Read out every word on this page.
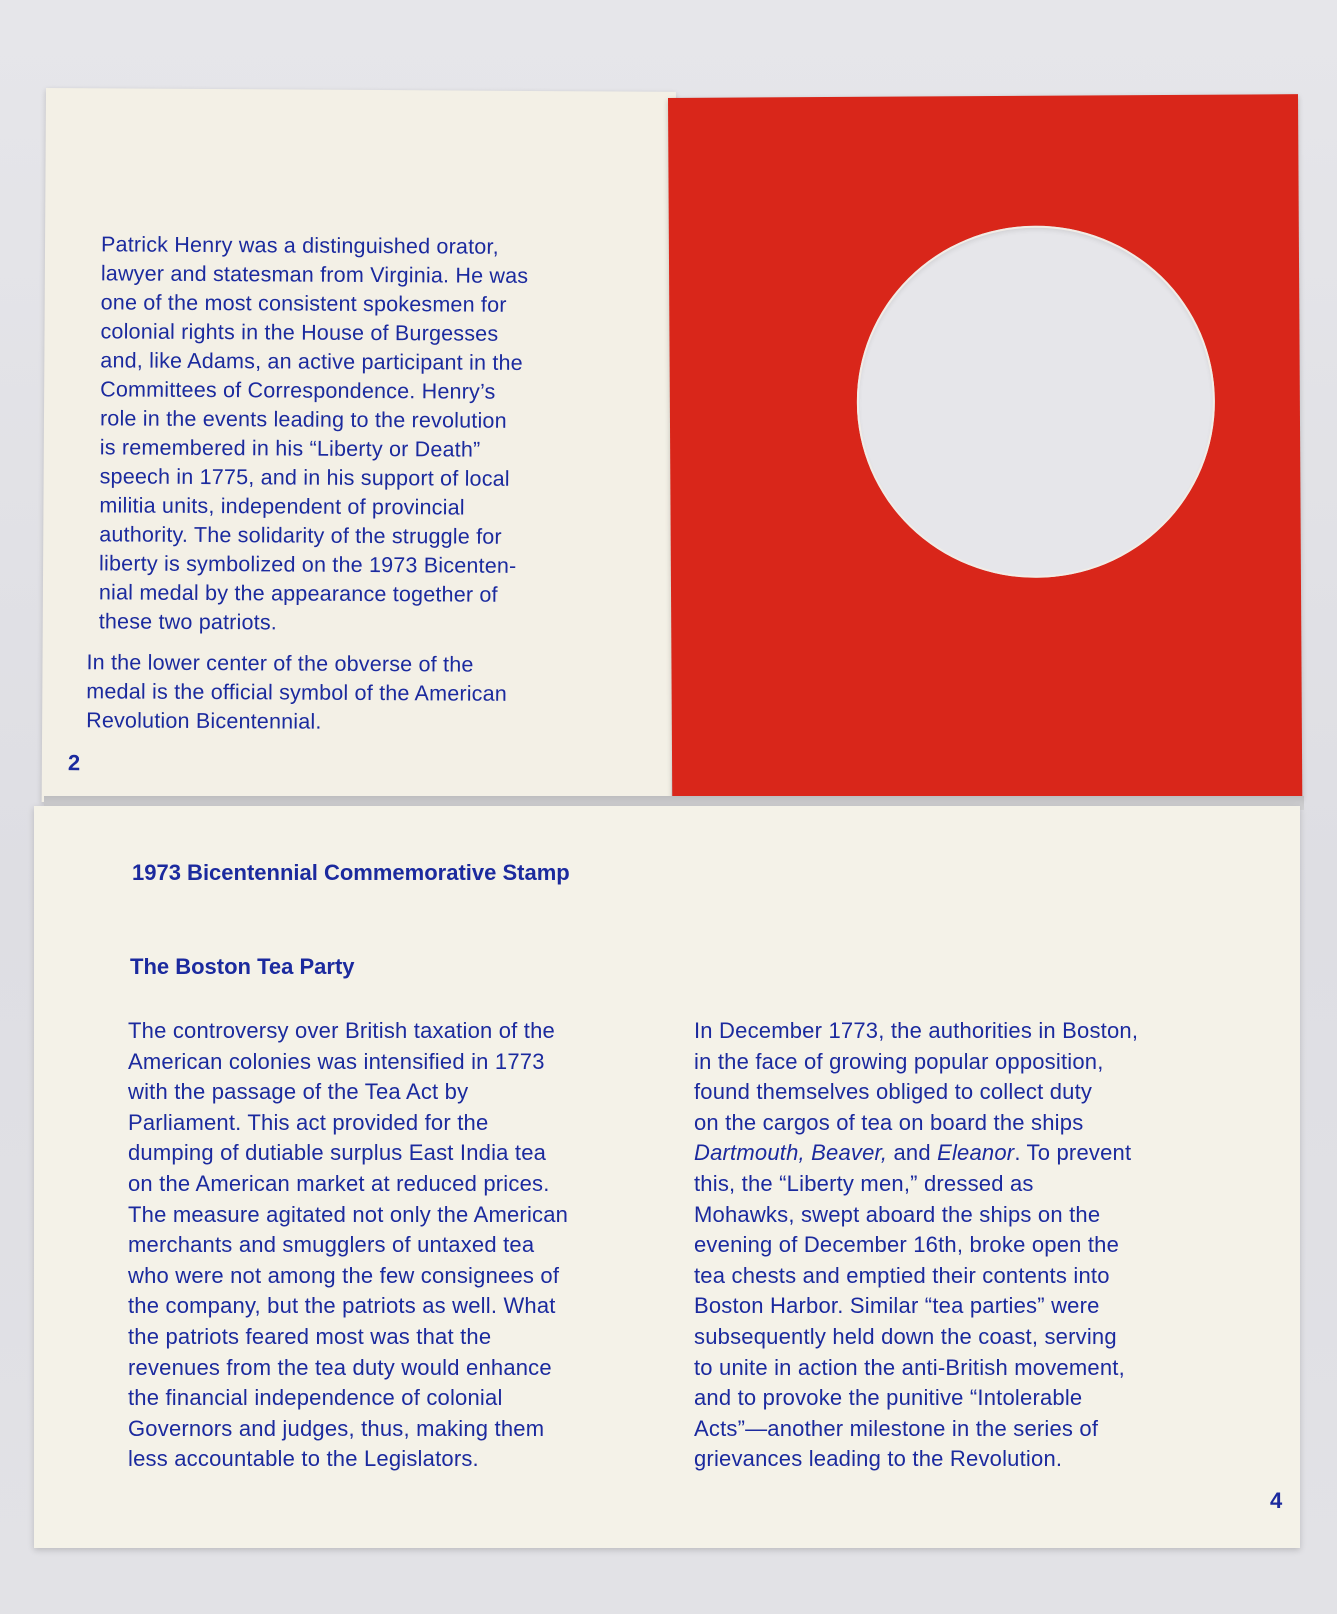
Patrick Henry was a distinguished orator,
lawyer and statesman from Virginia. He was
one of the most consistent spokesmen for
colonial rights in the House of Burgesses
and, like Adams, an active participant in the
Committees of Correspondence. Henry’s
role in the events leading to the revolution
is remembered in his “Liberty or Death”
speech in 1775, and in his support of local
militia units, independent of provincial
authority. The solidarity of the struggle for
liberty is symbolized on the 1973 Bicenten-
nial medal by the appearance together of
these two patriots.
In the lower center of the obverse of the
medal is the official symbol of the American
Revolution Bicentennial.
2
1973 Bicentennial Commemorative Stamp
The Boston Tea Party
The controversy over British taxation of the
American colonies was intensified in 1773
with the passage of the Tea Act by
Parliament. This act provided for the
dumping of dutiable surplus East India tea
on the American market at reduced prices.
The measure agitated not only the American
merchants and smugglers of untaxed tea
who were not among the few consignees of
the company, but the patriots as well. What
the patriots feared most was that the
revenues from the tea duty would enhance
the financial independence of colonial
Governors and judges, thus, making them
less accountable to the Legislators.
In December 1773, the authorities in Boston,
in the face of growing popular opposition,
found themselves obliged to collect duty
on the cargos of tea on board the ships
Dartmouth, Beaver, and Eleanor. To prevent
this, the “Liberty men,” dressed as
Mohawks, swept aboard the ships on the
evening of December 16th, broke open the
tea chests and emptied their contents into
Boston Harbor. Similar “tea parties” were
subsequently held down the coast, serving
to unite in action the anti-British movement,
and to provoke the punitive “Intolerable
Acts”—another milestone in the series of
grievances leading to the Revolution.
4
